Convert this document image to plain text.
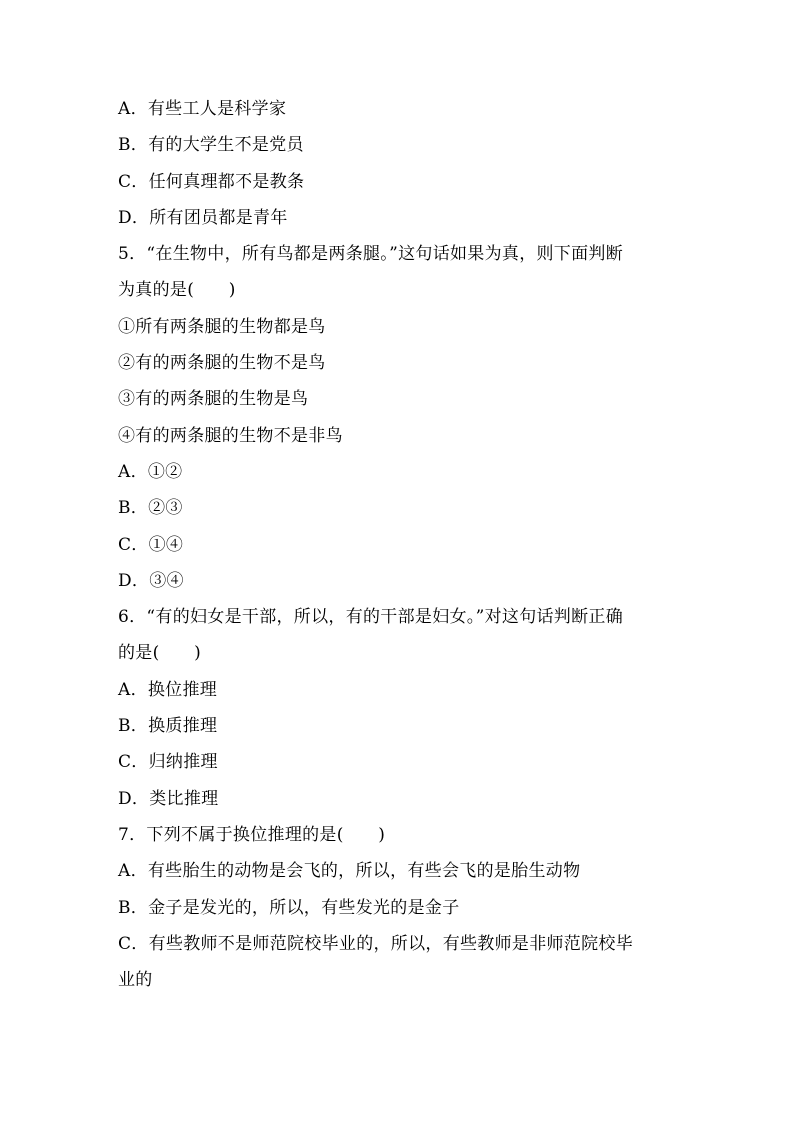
A．有些工人是科学家
B．有的大学生不是党员
C．任何真理都不是教条
D．所有团员都是青年
5．“在生物中，所有鸟都是两条腿。”这句话如果为真，则下面判断
为真的是(　　)
①所有两条腿的生物都是鸟
②有的两条腿的生物不是鸟
③有的两条腿的生物是鸟
④有的两条腿的生物不是非鸟
A．①②
B．②③
C．①④
D．③④
6．“有的妇女是干部，所以，有的干部是妇女。”对这句话判断正确
的是(　　)
A．换位推理
B．换质推理
C．归纳推理
D．类比推理
7．下列不属于换位推理的是(　　)
A．有些胎生的动物是会飞的，所以，有些会飞的是胎生动物
B．金子是发光的，所以，有些发光的是金子
C．有些教师不是师范院校毕业的，所以，有些教师是非师范院校毕
业的
